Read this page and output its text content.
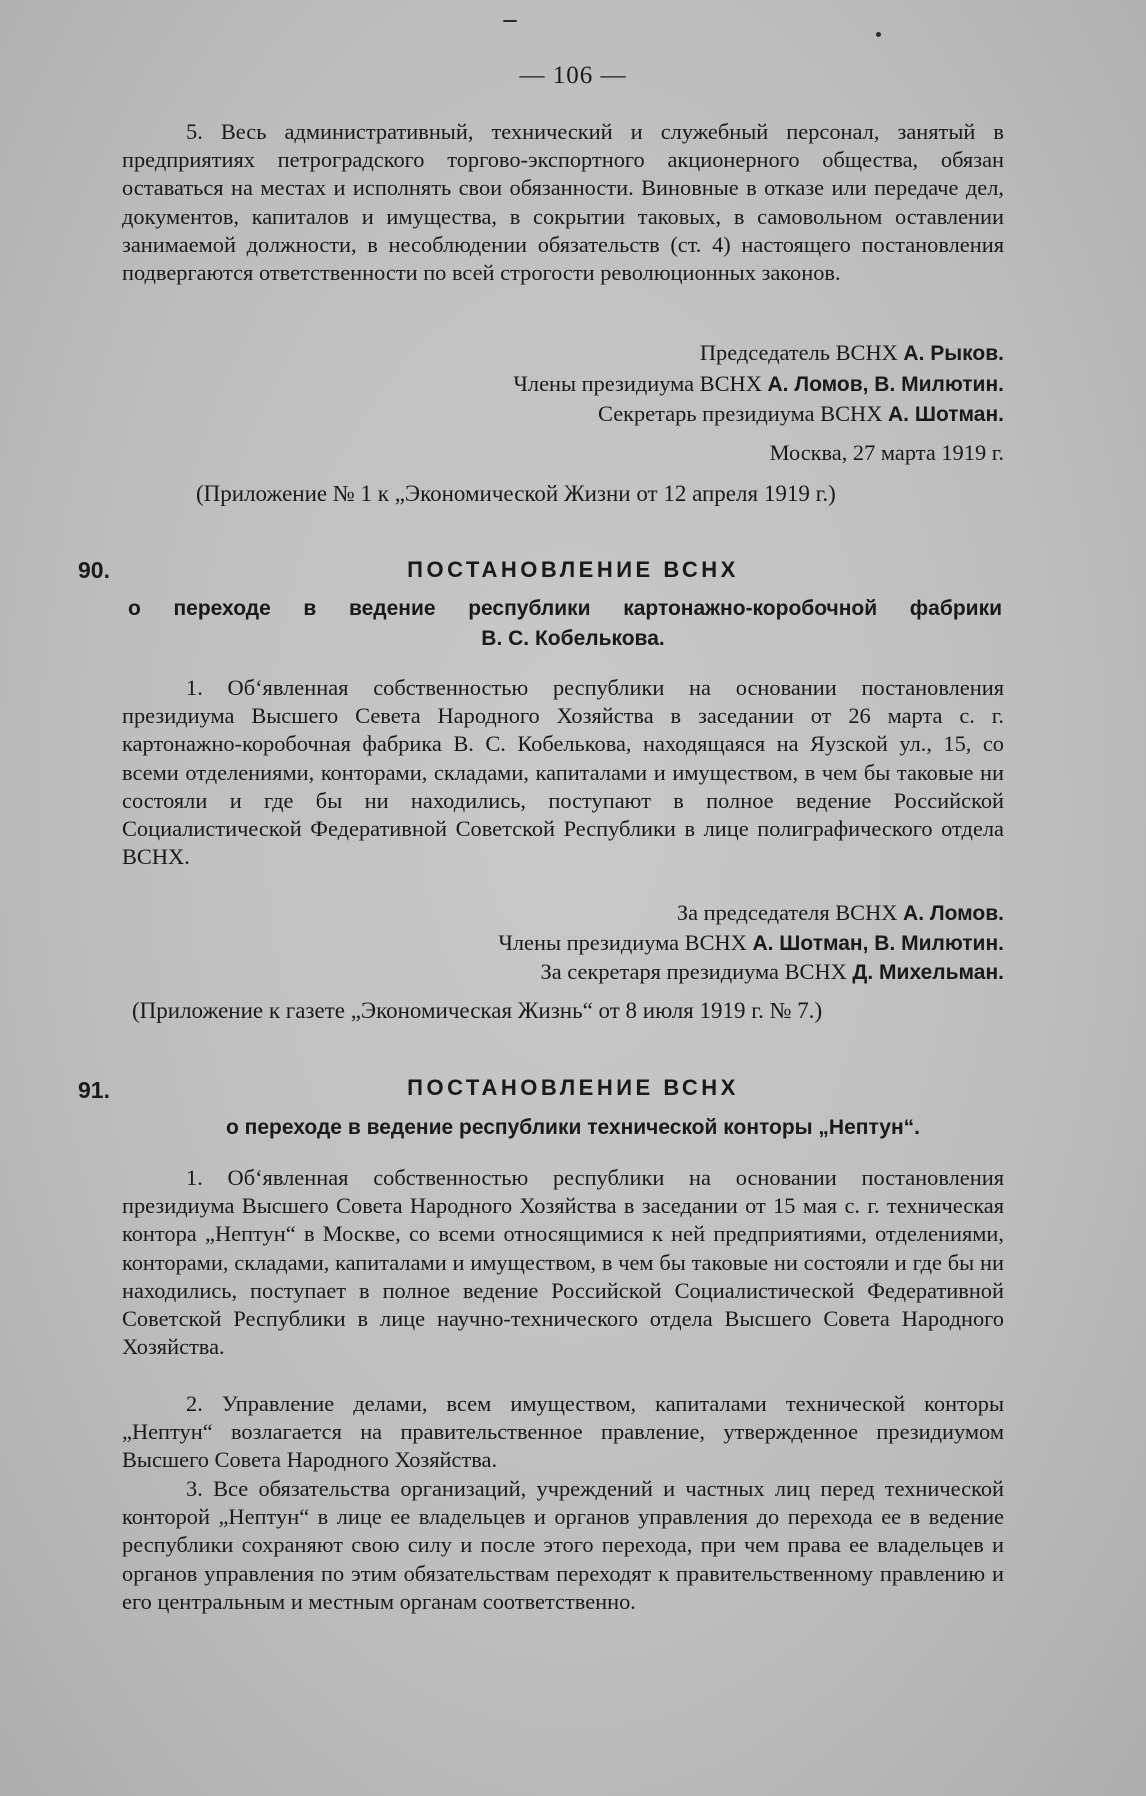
— 106 —
5. Весь административный, технический и служебный персонал, занятый в предприятиях петроградского торгово-экспортного акционерного общества, обязан оставаться на местах и исполнять свои обязанности. Виновные в отказе или передаче дел, документов, капиталов и имущества, в сокрытии таковых, в самовольном оставлении занимаемой должности, в несоблюдении обязательств (ст. 4) настоящего постановления подвергаются ответственности по всей строгости революционных законов.
Председатель ВСНХ А. Рыков.
Члены президиума ВСНХ А. Ломов, В. Милютин.
Секретарь президиума ВСНХ А. Шотман.
Москва, 27 марта 1919 г.
(Приложение № 1 к „Экономической Жизни от 12 апреля 1919 г.)
90.	ПОСТАНОВЛЕНИЕ ВСНХ
о переходе в ведение республики картонажно-коробочной фабрики
В. С. Кобелькова.
1. Об‘явленная собственностью республики на основании постановления президиума Высшего Севета Народного Хозяйства в заседании от 26 марта с. г. картонажно-коробочная фабрика В. С. Кобелькова, находящаяся на Яузской ул., 15, со всеми отделениями, конторами, складами, капиталами и имуществом, в чем бы таковые ни состояли и где бы ни находились, поступают в полное ведение Российской Социалистической Федеративной Советской Республики в лице полиграфического отдела ВСНХ.
За председателя ВСНХ А. Ломов.
Члены президиума ВСНХ А. Шотман, В. Милютин.
За секретаря президиума ВСНХ Д. Михельман.
(Приложение к газете „Экономическая Жизнь“ от 8 июля 1919 г. № 7.)
91.	ПОСТАНОВЛЕНИЕ ВСНХ
о переходе в ведение республики технической конторы „Нептун“.
1. Об‘явленная собственностью республики на основании постановления президиума Высшего Совета Народного Хозяйства в заседании от 15 мая с. г. техническая контора „Нептун“ в Москве, со всеми относящимися к ней предприятиями, отделениями, конторами, складами, капиталами и имуществом, в чем бы таковые ни состояли и где бы ни находились, поступает в полное ведение Российской Социалистической Федеративной Советской Республики в лице научно-технического отдела Высшего Совета Народного Хозяйства.
2. Управление делами, всем имуществом, капиталами технической конторы „Нептун“ возлагается на правительственное правление, утвержденное президиумом Высшего Совета Народного Хозяйства.
3. Все обязательства организаций, учреждений и частных лиц перед технической конторой „Нептун“ в лице ее владельцев и органов управления до перехода ее в ведение республики сохраняют свою силу и после этого перехода, при чем права ее владельцев и органов управления по этим обязательствам переходят к правительственному правлению и его центральным и местным органам соответственно.
